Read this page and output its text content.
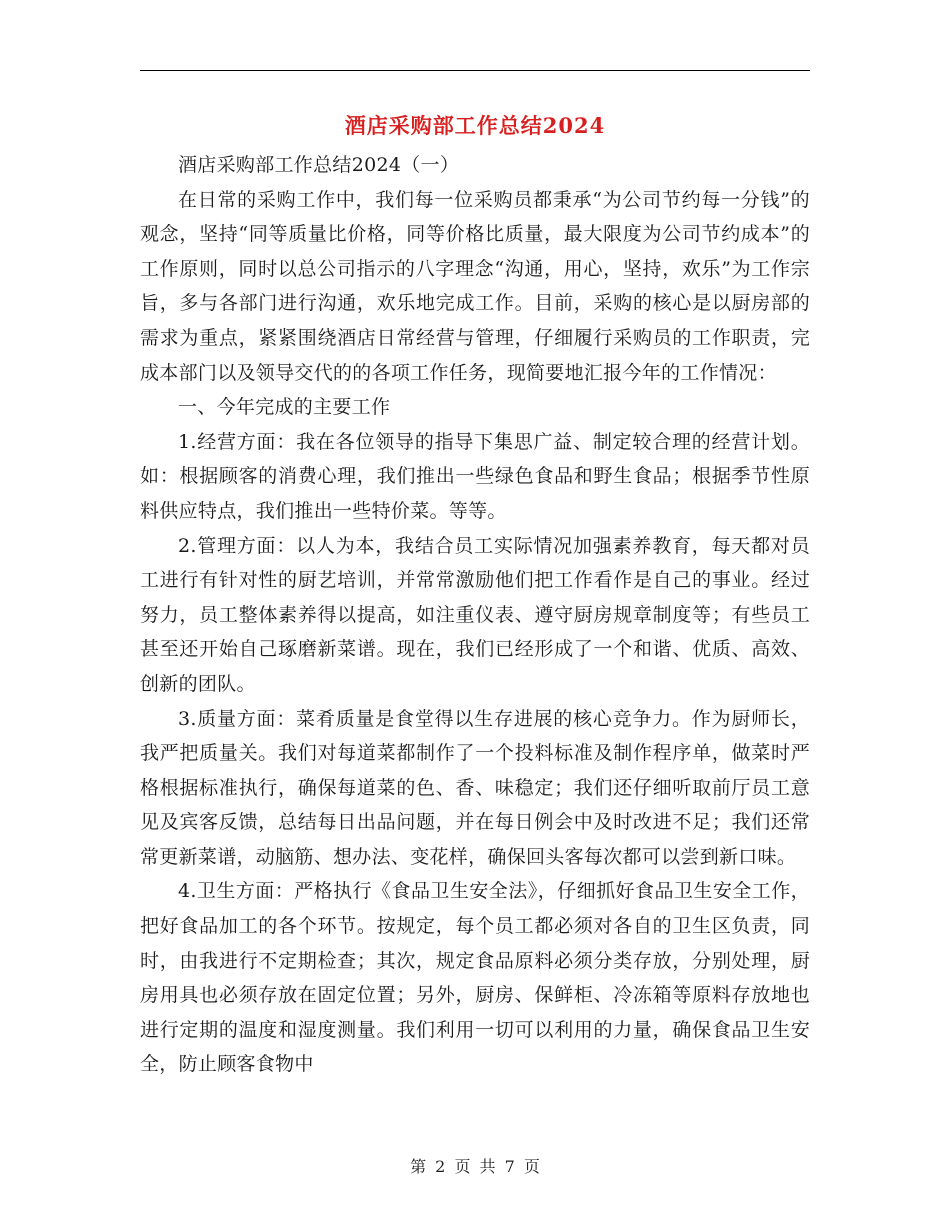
酒店采购部工作总结2024

酒店采购部工作总结2024（一）

在日常的采购工作中，我们每一位采购员都秉承“为公司节约每一分钱”的观念，坚持“同等质量比价格，同等价格比质量，最大限度为公司节约成本”的工作原则，同时以总公司指示的八字理念“沟通，用心，坚持，欢乐”为工作宗旨，多与各部门进行沟通，欢乐地完成工作。目前，采购的核心是以厨房部的需求为重点，紧紧围绕酒店日常经营与管理，仔细履行采购员的工作职责，完成本部门以及领导交代的的各项工作任务，现简要地汇报今年的工作情况：

一、今年完成的主要工作

1.经营方面：我在各位领导的指导下集思广益、制定较合理的经营计划。如：根据顾客的消费心理，我们推出一些绿色食品和野生食品；根据季节性原料供应特点，我们推出一些特价菜。等等。

2.管理方面：以人为本，我结合员工实际情况加强素养教育，每天都对员工进行有针对性的厨艺培训，并常常激励他们把工作看作是自己的事业。经过努力，员工整体素养得以提高，如注重仪表、遵守厨房规章制度等；有些员工甚至还开始自己琢磨新菜谱。现在，我们已经形成了一个和谐、优质、高效、创新的团队。

3.质量方面：菜肴质量是食堂得以生存进展的核心竞争力。作为厨师长，我严把质量关。我们对每道菜都制作了一个投料标准及制作程序单，做菜时严格根据标准执行，确保每道菜的色、香、味稳定；我们还仔细听取前厅员工意见及宾客反馈，总结每日出品问题，并在每日例会中及时改进不足；我们还常常更新菜谱，动脑筋、想办法、变花样，确保回头客每次都可以尝到新口味。

4.卫生方面：严格执行《食品卫生安全法》，仔细抓好食品卫生安全工作，把好食品加工的各个环节。按规定，每个员工都必须对各自的卫生区负责，同时，由我进行不定期检查；其次，规定食品原料必须分类存放，分别处理，厨房用具也必须存放在固定位置；另外，厨房、保鲜柜、冷冻箱等原料存放地也进行定期的温度和湿度测量。我们利用一切可以利用的力量，确保食品卫生安全，防止顾客食物中

第 2 页 共 7 页
